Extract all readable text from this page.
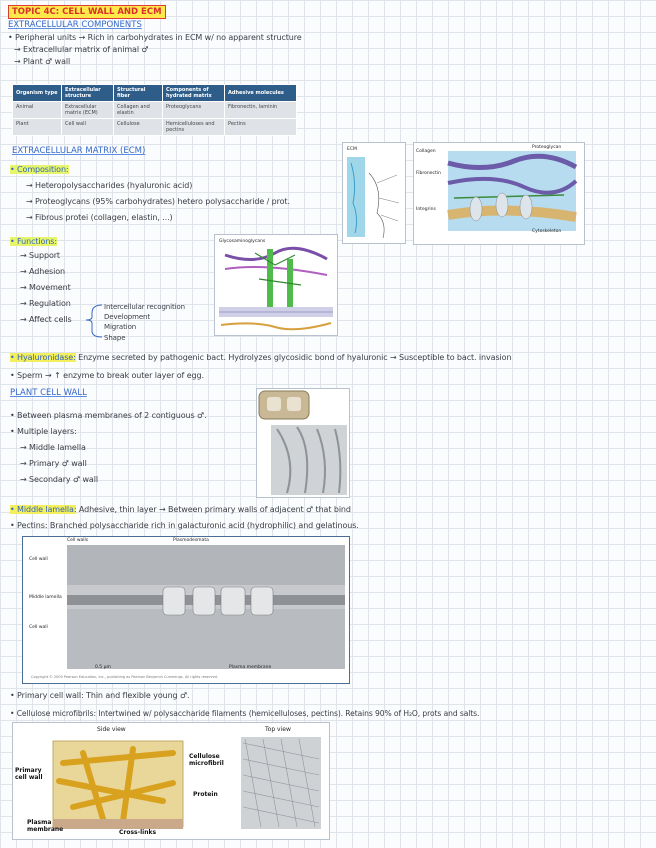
TOPIC 4C: CELL WALL AND ECM
EXTRACELLULAR COMPONENTS
• Peripheral units → Rich in carbohydrates in ECM w/ no apparent structure
→ Extracellular matrix of animal ♂
→ Plant ♂ wall
Organism type	Extracellular structure	Structural fiber	Components of hydrated matrix	Adhesive molecules
Animal	Extracellular matrix (ECM)	Collagen and elastin	Proteoglycans	Fibronectin, laminin
Plant	Cell wall	Cellulose	Hemicelluloses and pectins	Pectins
EXTRACELLULAR MATRIX (ECM)
• Composition:
→ Heteropolysaccharides (hyaluronic acid)
→ Proteoglycans (95% carbohydrates) hetero polysaccharide / prot.
→ Fibrous protei (collagen, elastin, ...)
• Functions:
→ Support
→ Adhesion
→ Movement
→ Regulation
→ Affect cells
Intercellular recognition
Development
Migration
Shape
ECM	Collagen
Fibronectin
Integrins
Proteoglycan
Cytoskeleton
Glycosaminoglycans
• Hyaluronidase: Enzyme secreted by pathogenic bact. Hydrolyzes glycosidic bond of hyaluronic → Susceptible to bact. invasion
• Sperm → ↑ enzyme to break outer layer of egg.
PLANT CELL WALL
• Between plasma membranes of 2 contiguous ♂.
• Multiple layers:
→ Middle lamella
→ Primary ♂ wall
→ Secondary ♂ wall
• Middle lamella: Adhesive, thin layer → Between primary walls of adjacent ♂ that bind
• Pectins: Branched polysaccharide rich in galacturonic acid (hydrophilic) and gelatinous.
Cell walls	Plasmodesmata
Cell wall
Middle lamella
Cell wall
0.5 μm	Plasma membrane
Copyright © 2009 Pearson Education, Inc., publishing as Pearson Benjamin Cummings. All rights reserved.
• Primary cell wall: Thin and flexible young ♂.
• Cellulose microfibrils: Intertwined w/ polysaccharide filaments (hemicelluloses, pectins). Retains 90% of H₂O, prots and salts.
Side view	Top view
Primary cell wall
Cellulose microfibril
Protein
Plasma membrane	Cross-links
